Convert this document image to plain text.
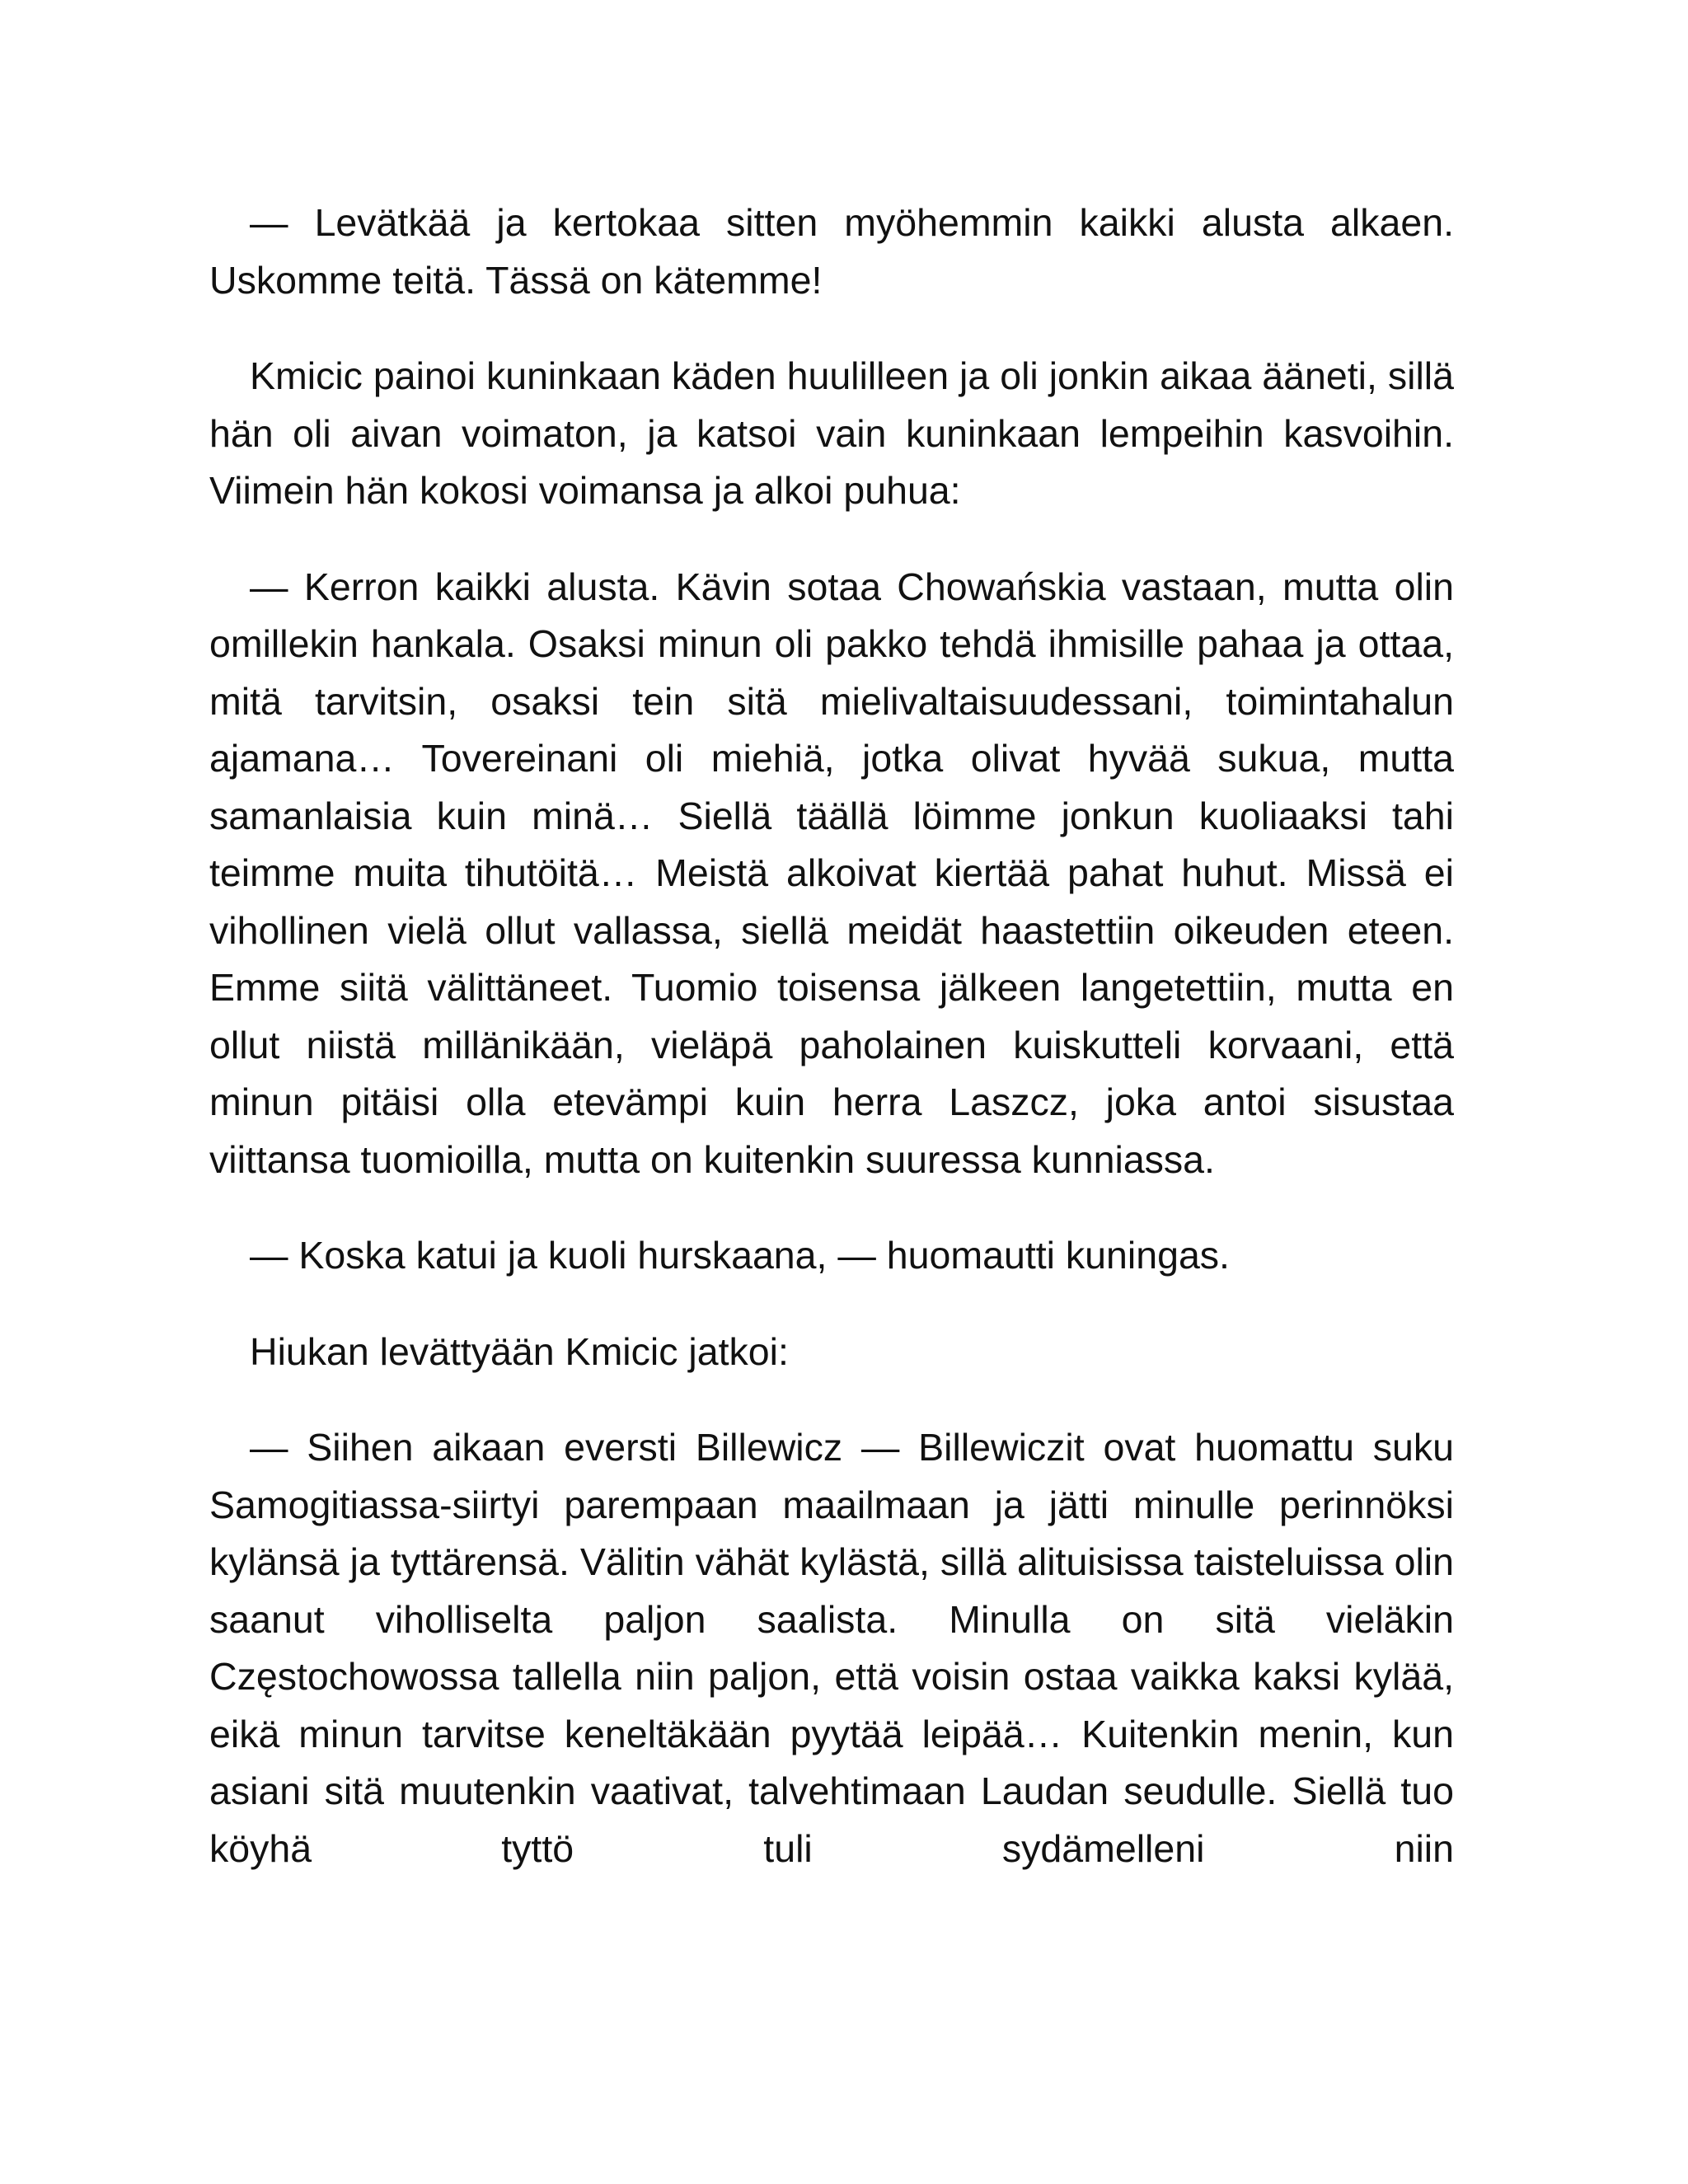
— Levätkää ja kertokaa sitten myöhemmin kaikki alusta alkaen. Uskomme teitä. Tässä on kätemme!

Kmicic painoi kuninkaan käden huulilleen ja oli jonkin aikaa ääneti, sillä hän oli aivan voimaton, ja katsoi vain kuninkaan lempeihin kasvoihin. Viimein hän kokosi voimansa ja alkoi puhua:

— Kerron kaikki alusta. Kävin sotaa Chowańskia vastaan, mutta olin omillekin hankala. Osaksi minun oli pakko tehdä ihmisille pahaa ja ottaa, mitä tarvitsin, osaksi tein sitä mielivaltaisuudessani, toimintahalun ajamana… Tovereinani oli miehiä, jotka olivat hyvää sukua, mutta samanlaisia kuin minä… Siellä täällä löimme jonkun kuoliaaksi tahi teimme muita tihutöitä… Meistä alkoivat kiertää pahat huhut. Missä ei vihollinen vielä ollut vallassa, siellä meidät haastettiin oikeuden eteen. Emme siitä välittäneet. Tuomio toisensa jälkeen langetettiin, mutta en ollut niistä millänikään, vieläpä paholainen kuiskutteli korvaani, että minun pitäisi olla etevämpi kuin herra Laszcz, joka antoi sisustaa viittansa tuomioilla, mutta on kuitenkin suuressa kunniassa.

— Koska katui ja kuoli hurskaana, — huomautti kuningas.

Hiukan levättyään Kmicic jatkoi:

— Siihen aikaan eversti Billewicz — Billewiczit ovat huomattu suku Samogitiassa-siirtyi parempaan maailmaan ja jätti minulle perinnöksi kylänsä ja tyttärensä. Välitin vähät kylästä, sillä alituisissa taisteluissa olin saanut viholliselta paljon saalista. Minulla on sitä vieläkin Częstochowossa tallella niin paljon, että voisin ostaa vaikka kaksi kylää, eikä minun tarvitse keneltäkään pyytää leipää… Kuitenkin menin, kun asiani sitä muutenkin vaativat, talvehtimaan Laudan seudulle. Siellä tuo köyhä tyttö tuli sydämelleni niin
